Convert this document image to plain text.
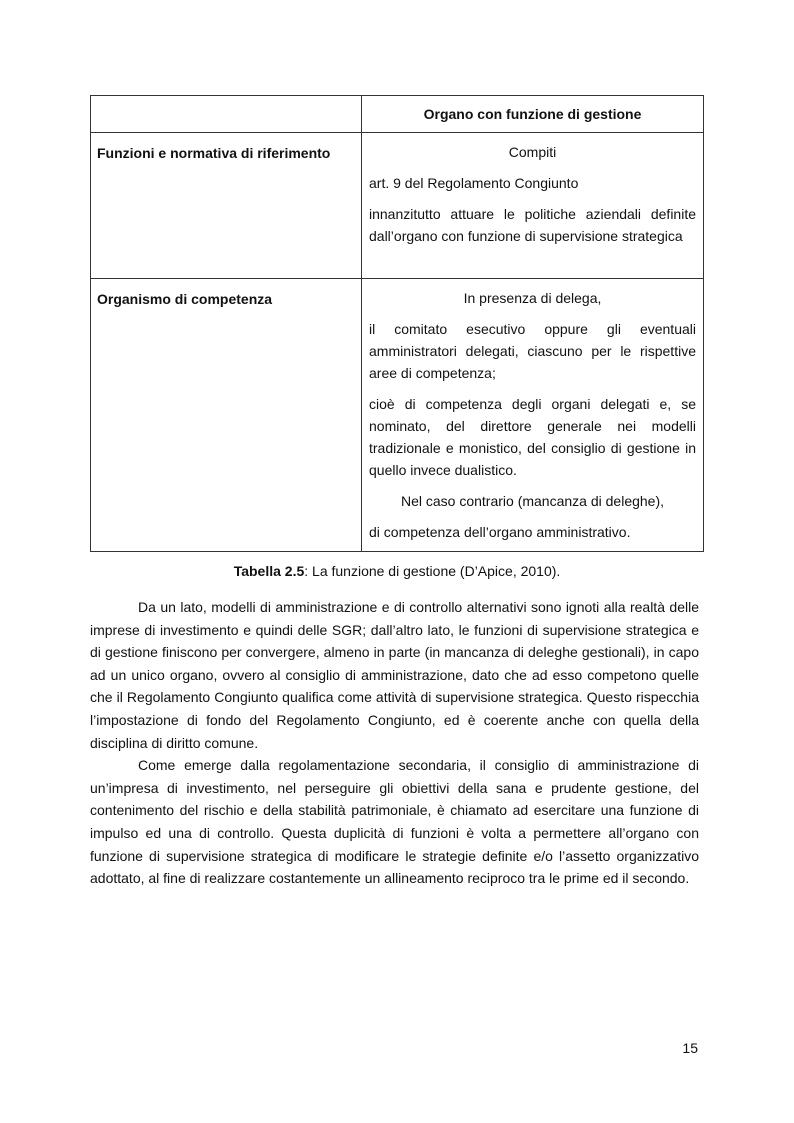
	Organo con funzione di gestione

Funzioni e normativa di riferimento	Compiti

art. 9 del Regolamento Congiunto

innanzitutto attuare le politiche aziendali definite dall’organo con funzione di supervisione strategica

Organismo di competenza	In presenza di delega,

il comitato esecutivo oppure gli eventuali amministratori delegati, ciascuno per le rispettive aree di competenza;

cioè di competenza degli organi delegati e, se nominato, del direttore generale nei modelli tradizionale e monistico, del consiglio di gestione in quello invece dualistico.

Nel caso contrario (mancanza di deleghe),

di competenza dell’organo amministrativo.

Tabella 2.5: La funzione di gestione (D’Apice, 2010).

Da un lato, modelli di amministrazione e di controllo alternativi sono ignoti alla realtà delle imprese di investimento e quindi delle SGR; dall’altro lato, le funzioni di supervisione strategica e di gestione finiscono per convergere, almeno in parte (in mancanza di deleghe gestionali), in capo ad un unico organo, ovvero al consiglio di amministrazione, dato che ad esso competono quelle che il Regolamento Congiunto qualifica come attività di supervisione strategica. Questo rispecchia l’impostazione di fondo del Regolamento Congiunto, ed è coerente anche con quella della disciplina di diritto comune.

Come emerge dalla regolamentazione secondaria, il consiglio di amministrazione di un’impresa di investimento, nel perseguire gli obiettivi della sana e prudente gestione, del contenimento del rischio e della stabilità patrimoniale, è chiamato ad esercitare una funzione di impulso ed una di controllo. Questa duplicità di funzioni è volta a permettere all’organo con funzione di supervisione strategica di modificare le strategie definite e/o l’assetto organizzativo adottato, al fine di realizzare costantemente un allineamento reciproco tra le prime ed il secondo.

15
